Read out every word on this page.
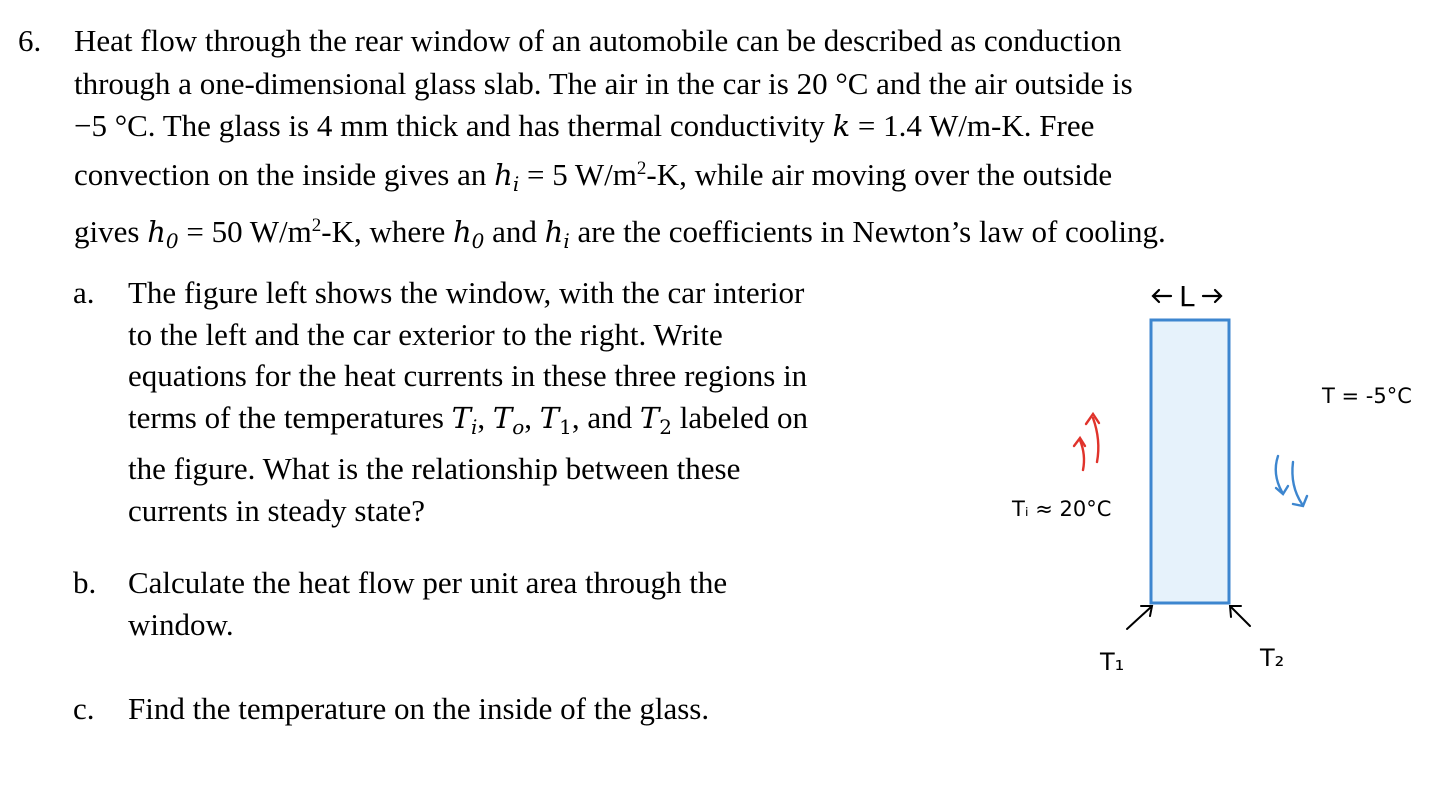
6. Heat flow through the rear window of an automobile can be described as conduction
through a one-dimensional glass slab. The air in the car is 20 °C and the air outside is
−5 °C. The glass is 4 mm thick and has thermal conductivity k = 1.4 W/m-K. Free
convection on the inside gives an $h_i = 5$ $W/m^2-K$, while air moving over the outside
gives $h_0 = 50$ $W/m^2-K$, where $h_0$ and $h_i$ are the coefficients in Newton’s law of cooling.
a. The figure left shows the window, with the car interior
to the left and the car exterior to the right. Write
equations for the heat currents in these three regions in
terms of the temperatures $T_i$, $T_o$, $T_1$, and $T_2$ labeled on
the figure. What is the relationship between these
currents in steady state?
b. Calculate the heat flow per unit area through the
window.
c. Find the temperature on the inside of the glass.
L
Tᵢ ≈ 20°C
T = -5°C
T₁	T₂
